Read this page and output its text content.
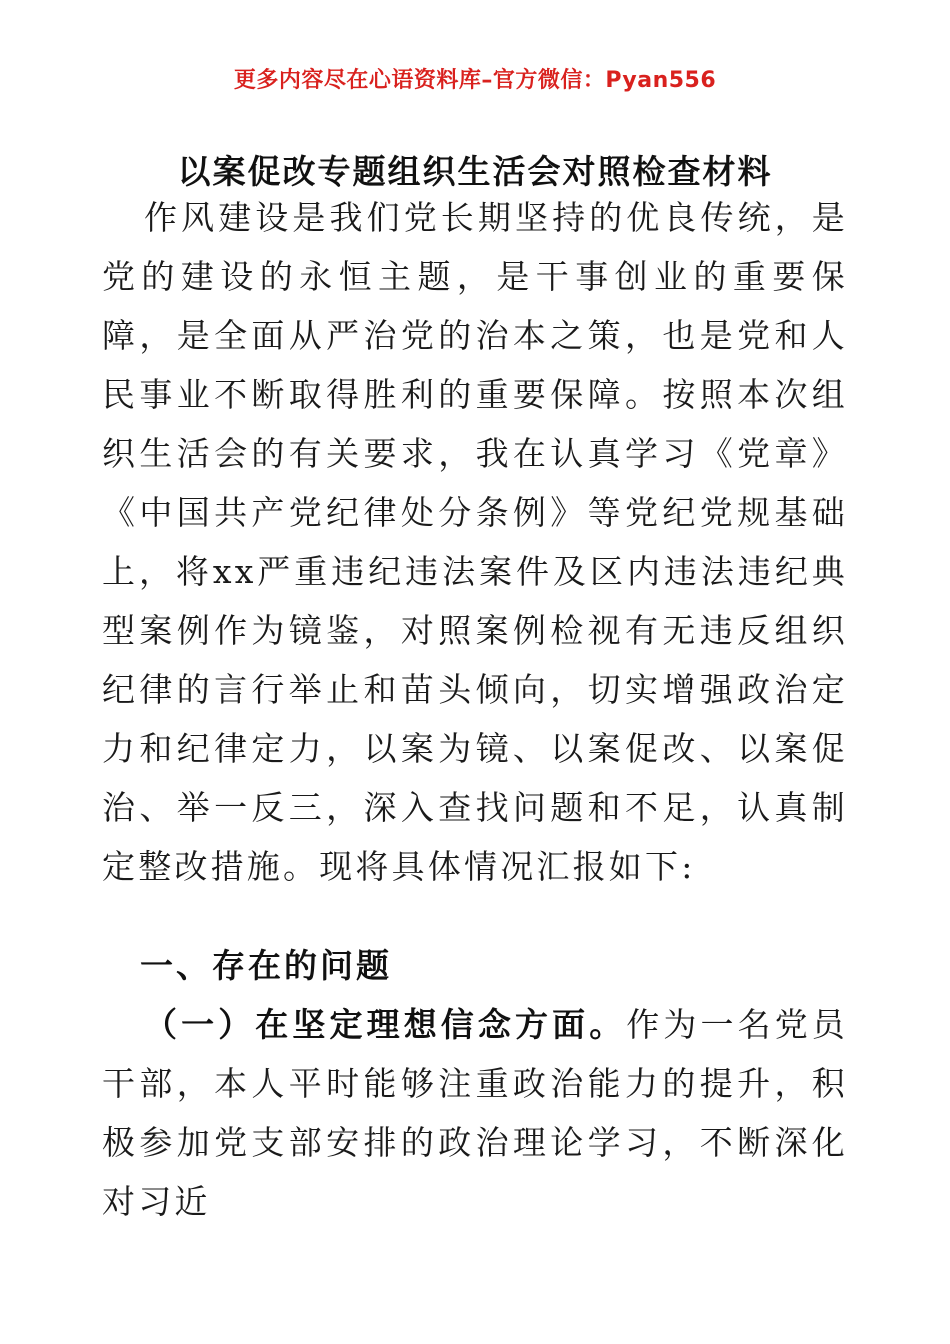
更多内容尽在心语资料库–官方微信：Pyan556
以案促改专题组织生活会对照检查材料

作风建设是我们党长期坚持的优良传统，是党的建设的永恒主题，是干事创业的重要保障，是全面从严治党的治本之策，也是党和人民事业不断取得胜利的重要保障。按照本次组织生活会的有关要求，我在认真学习《党章》《中国共产党纪律处分条例》等党纪党规基础上，将xx严重违纪违法案件及区内违法违纪典型案例作为镜鉴，对照案例检视有无违反组织纪律的言行举止和苗头倾向，切实增强政治定力和纪律定力，以案为镜、以案促改、以案促治、举一反三，深入查找问题和不足，认真制定整改措施。现将具体情况汇报如下:

一、存在的问题

（一）在坚定理想信念方面。作为一名党员干部，本人平时能够注重政治能力的提升，积极参加党支部安排的政治理论学习，不断深化对习近
